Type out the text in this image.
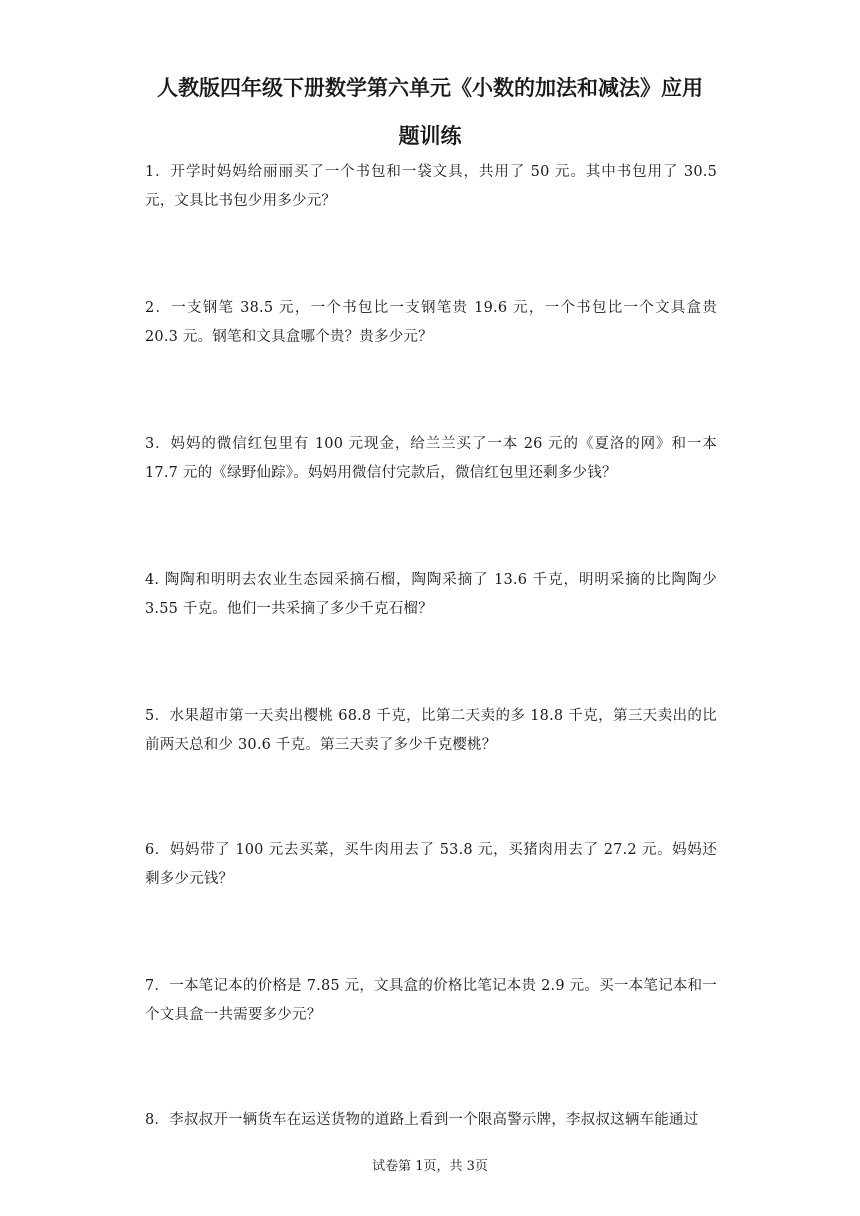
人教版四年级下册数学第六单元《小数的加法和减法》应用
题训练

1．开学时妈妈给丽丽买了一个书包和一袋文具，共用了 50 元。其中书包用了 30.5 元，文具比书包少用多少元？

2．一支钢笔 38.5 元，一个书包比一支钢笔贵 19.6 元，一个书包比一个文具盒贵 20.3 元。钢笔和文具盒哪个贵？贵多少元？

3．妈妈的微信红包里有 100 元现金，给兰兰买了一本 26 元的《夏洛的网》和一本 17.7 元的《绿野仙踪》。妈妈用微信付完款后，微信红包里还剩多少钱？

4. 陶陶和明明去农业生态园采摘石榴，陶陶采摘了 13.6 千克，明明采摘的比陶陶少 3.55 千克。他们一共采摘了多少千克石榴？

5．水果超市第一天卖出樱桃 68.8 千克，比第二天卖的多 18.8 千克，第三天卖出的比前两天总和少 30.6 千克。第三天卖了多少千克樱桃？

6．妈妈带了 100 元去买菜，买牛肉用去了 53.8 元，买猪肉用去了 27.2 元。妈妈还剩多少元钱？

7．一本笔记本的价格是 7.85 元，文具盒的价格比笔记本贵 2.9 元。买一本笔记本和一个文具盒一共需要多少元？

8．李叔叔开一辆货车在运送货物的道路上看到一个限高警示牌，李叔叔这辆车能通过

试卷第 1页，共 3页
